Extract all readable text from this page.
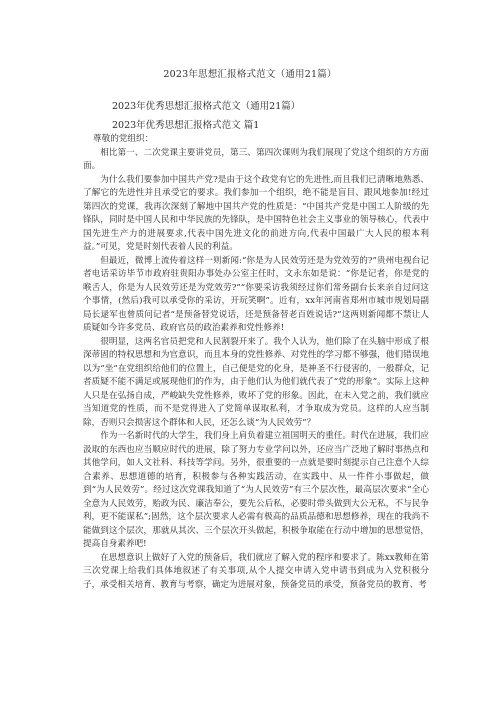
2023年思想汇报格式范文（通用21篇）
2023年优秀思想汇报格式范文（通用21篇）
2023年优秀思想汇报格式范文 篇1

尊敬的党组织：

相比第一、二次党课主要讲党员，第三、第四次课则为我们展现了党这个组织的方方面面。

为什么我们要参加中国共产党?是由于这个政党有它的先进性,而且我们已清晰地熟悉、了解它的先进性并且承受它的要求。我们参加一个组织，绝不能是盲目、跟风地参加!经过第四次的党课，我再次深刻了解地中国共产党的性质是：“中国共产党是中国工人阶级的先锋队，同时是中国人民和中华民族的先锋队，是中国特色社会主义事业的领导核心，代表中国先进生产力的进展要求,代表中国先进文化的前进方向,代表中国最广大人民的根本利益。”可见，党是时刻代表着人民的利益。

但最近，微博上流传着这样一则新闻:“你是为人民效劳还是为党效劳的?”贵州电视台记者电话采访毕节市政府驻贵阳办事处办公室主任时，文永东如是说：“你是记者，你是党的喉舌人，你是为人民效劳还是为党效劳?”“你要采访我须经过你们常务副台长来亲自过问这个事情，(然后)我可以承受你的采访，开玩笑啊”。近有，xx年河南省郑州市城市规划局副局长逯军也曾质问记者“是预备替党说话，还是预备替老百姓说话?”这两则新闻都不禁让人质疑如今许多党员、政府官员的政治素养和党性修养!

很明显，这两名官员把党和人民割裂开来了。我个人认为，他们除了在头脑中形成了根深蒂固的特权思想和为官意识，而且本身的党性修养、对党性的学习都不够强，他们错误地以为“坐”在党组织给他们的位置上，自己便是党的化身，是神圣不行侵害的，一般群众，记者质疑不能不满足或展现他们的作为，由于他们认为他们就代表了“党的形象”。实际上这种人只是在弘扬自成，严峻缺失党性修养，败坏了党的形象。因此，在未入党之前，我们就应当知道党的性质，而不是党得进入了党简单谋取私利，才争取成为党员。这样的人应当制除，否则只会损害这个群体和人民，还怎么谈“为人民效劳”？

作为一名新时代的大学生，我们身上肩负着建立祖国明天的重任。时代在进展，我们应汲取的东西也应当顺应时代的进展，除了努力专业学问以外，还应当广泛地了解时事热点和其他学问，如人文社科、科技等学问。另外，很重要的一点就是要时刻提示自己注意个人综合素养、思想道德的培育，积极参与各种实践活动，在实践中、从一件件小事做起，做到“为人民效劳”。经过这次党课我知道了“为人民效劳”有三个层次性，最高层次要求“全心全意为人民效劳，贻政为民、廉洁奉公，要先公后私，必要时带头做到大公无私，不与民争利，更不能谋私”;固然，这个层次要求人必需有极高的品质品德和思想修养，现在的我尚不能做到这个层次，那就从其次、三个层次开头做起，积极争取能在行动中增加的思想觉悟，提高自身素养吧!

在思想意识上做好了入党的预备后，我们就应了解入党的程序和要求了。陈xx教师在第三次党课上给我们具体地叙述了有关事项,从个人提交申请入党申请书到成为入党积极分子，承受相关培育、教育与考察，确定为进展对象，预备党员的承受，预备党员的教育、考
